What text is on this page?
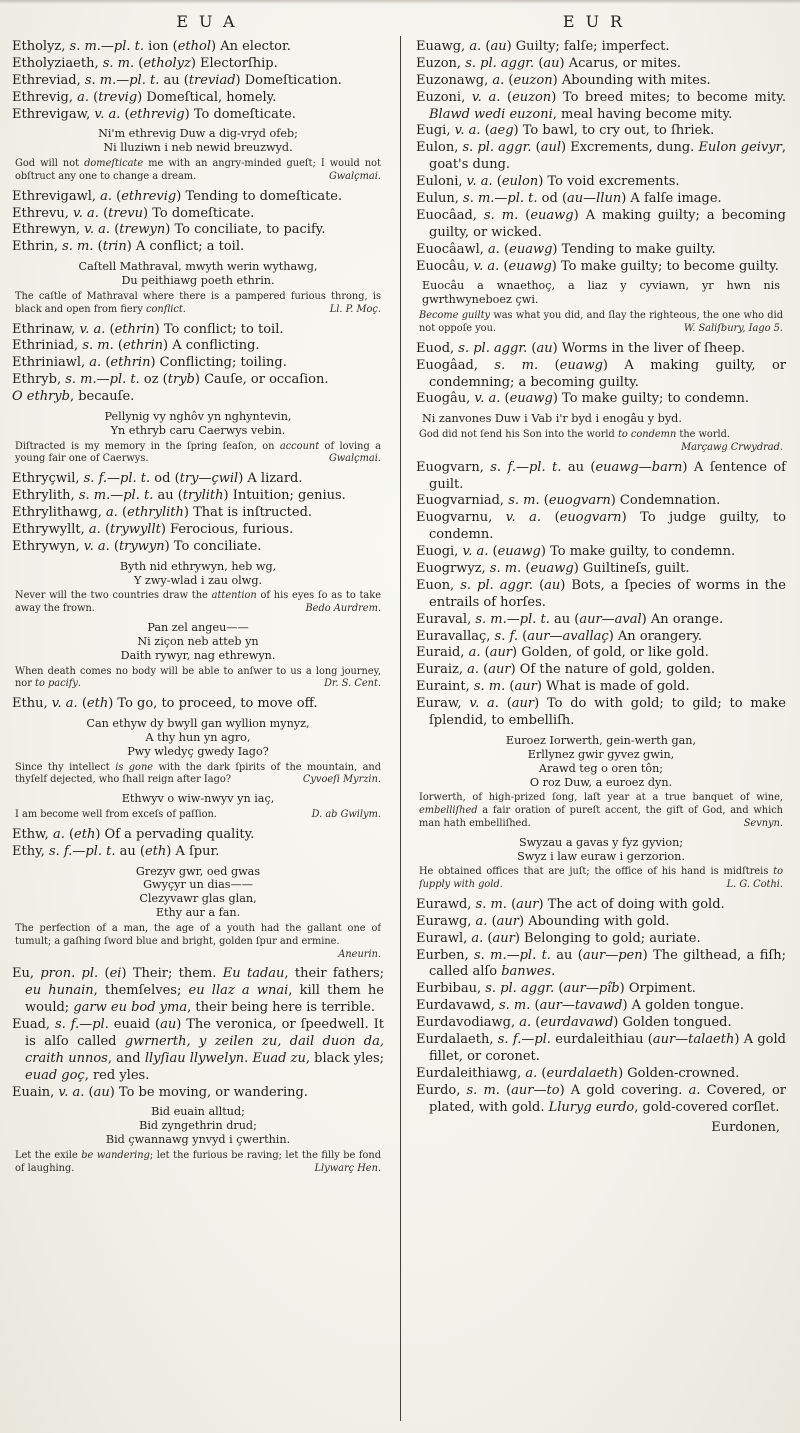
EUA	EUR

Etholyz, s. m.—pl. t. ion (ethol) An elector.

Etholyziaeth, s. m. (etholyz) Electorſhip.

Ethreviad, s. m.—pl. t. au (treviad) Domeſtication.

Ethrevig, a. (trevig) Domeſtical, homely.

Ethrevigaw, v. a. (ethrevig) To domeſticate.

Ni'm ethrevig Duw a dig-vryd ofeb;
Ni lluziwn i neb newid breuzwyd.
God will not domeſticate me with an angry-minded gueſt; I would not obſtruct any one to change a dream.	Gwalçmai.

Ethrevigawl, a. (ethrevig) Tending to domeſticate.

Ethrevu, v. a. (trevu) To domeſticate.

Ethrewyn, v. a. (trewyn) To conciliate, to pacify.

Ethrin, s. m. (trin) A conflict; a toil.

Caſtell Mathraval, mwyth werin wythawg,
Du peithiawg poeth ethrin.
The caſtle of Mathraval where there is a pampered furious throng, is black and open from fiery conflict.	Ll. P. Moç.

Ethrinaw, v. a. (ethrin) To conflict; to toil.

Ethriniad, s. m. (ethrin) A conflicting.

Ethriniawl, a. (ethrin) Conflicting; toiling.

Ethryb, s. m.—pl. t. oz (tryb) Cauſe, or occaſion.

O ethryb, becauſe.

Pellynig vy nghôv yn nghyntevin,
Yn ethryb caru Caerwys vebin.
Diſtracted is my memory in the ſpring ſeaſon, on account of loving a young fair one of Caerwys.	Gwalçmai.

Ethryçwil, s. f.—pl. t. od (try—çwil) A lizard.

Ethrylith, s. m.—pl. t. au (trylith) Intuition; genius.

Ethrylithawg, a. (ethrylith) That is inſtructed.

Ethrywyllt, a. (trywyllt) Ferocious, furious.

Ethrywyn, v. a. (trywyn) To conciliate.

Byth nid ethrywyn, heb wg,
Y zwy-wlad i zau olwg.
Never will the two countries draw the attention of his eyes ſo as to take away the frown.	Bedo Aurdrem.
Pan zel angeu——
Ni ziçon neb atteb yn
Daith rywyr, nag ethrewyn.
When death comes no body will be able to anſwer to us a long journey, nor to pacify.	Dr. S. Cent.

Ethu, v. a. (eth) To go, to proceed, to move off.

Can ethyw dy bwyll gan wyllion mynyz,
A thy hun yn agro,
Pwy wledyç gwedy Iago?
Since thy intellect is gone with the dark ſpirits of the mountain, and thyſelf dejected, who ſhall reign after Iago?	Cyvoeſi Myrzin.
Ethwyv o wiw-nwyv yn iaç,
I am become well from exceſs of paſſion.	D. ab Gwilym.

Ethw, a. (eth) Of a pervading quality.

Ethy, s. f.—pl. t. au (eth) A ſpur.

Grezyv gwr, oed gwas
Gwyçyr un dias——
Clezyvawr glas glan,
Ethy aur a fan.
The perfection of a man, the age of a youth had the gallant one of tumult; a gaſhing ſword blue and bright, golden ſpur and ermine.
Aneurin.

Eu, pron. pl. (ei) Their; them. Eu tadau, their fathers; eu hunain, themſelves; eu llaz a wnai, kill them he would; garw eu bod yma, their being here is terrible.

Euad, s. f.—pl. euaid (au) The veronica, or ſpeedwell. It is alſo called gwrnerth, y zeilen zu, dail duon da, craith unnos, and llyſiau llywelyn. Euad zu, black yles; euad goç, red yles.

Euain, v. a. (au) To be moving, or wandering.

Bid euain alltud;
Bid zyngethrin drud;
Bid çwannawg ynvyd i çwerthin.
Let the exile be wandering; let the furious be raving; let the filly be fond of laughing.	Llywarç Hen.

Euawg, a. (au) Guilty; falſe; imperfect.

Euzon, s. pl. aggr. (au) Acarus, or mites.

Euzonawg, a. (euzon) Abounding with mites.

Euzoni, v. a. (euzon) To breed mites; to become mity. Blawd wedi euzoni, meal having become mity.

Eugi, v. a. (aeg) To bawl, to cry out, to ſhriek.

Eulon, s. pl. aggr. (aul) Excrements, dung. Eulon geivyr, goat's dung.

Euloni, v. a. (eulon) To void excrements.

Eulun, s. m.—pl. t. od (au—llun) A falſe image.

Euocâad, s. m. (euawg) A making guilty; a becoming guilty, or wicked.

Euocâawl, a. (euawg) Tending to make guilty.

Euocâu, v. a. (euawg) To make guilty; to become guilty.

Euocâu a wnaethoç, a liaz y cyviawn, yr hwn nis gwrthwyneboez çwi.
Become guilty was what you did, and ſlay the righteous, the one who did not oppoſe you.	W. Saliſbury, Iago 5.

Euod, s. pl. aggr. (au) Worms in the liver of ſheep.

Euogâad, s. m. (euawg) A making guilty, or condemning; a becoming guilty.

Euogâu, v. a. (euawg) To make guilty; to condemn.

Ni zanvones Duw i Vab i'r byd i enogâu y byd.
God did not ſend his Son into the world to condemn the world.
Marçawg Crwydrad.

Euogvarn, s. f.—pl. t. au (euawg—barn) A ſentence of guilt.

Euogvarniad, s. m. (euogvarn) Condemnation.

Euogvarnu, v. a. (euogvarn) To judge guilty, to condemn.

Euogi, v. a. (euawg) To make guilty, to condemn.

Euogrwyz, s. m. (euawg) Guiltineſs, guilt.

Euon, s. pl. aggr. (au) Bots, a ſpecies of worms in the entrails of horſes.

Euraval, s. m.—pl. t. au (aur—aval) An orange.

Euravallaç, s. f. (aur—avallaç) An orangery.

Euraid, a. (aur) Golden, of gold, or like gold.

Euraiz, a. (aur) Of the nature of gold, golden.

Euraint, s. m. (aur) What is made of gold.

Euraw, v. a. (aur) To do with gold; to gild; to make ſplendid, to embelliſh.

Euroez Iorwerth, gein-werth gan,
Erllynez gwir gyvez gwin,
Arawd teg o oren tôn;
O roz Duw, a euroez dyn.
Iorwerth, of high-prized ſong, laſt year at a true banquet of wine, embelliſhed a fair oration of pureſt accent, the gift of God, and which man hath embelliſhed.	Sevnyn.
Swyzau a gavas y fyz gyvion;
Swyz i law euraw i gerzorion.
He obtained offices that are juſt; the office of his hand is midſtreis to ſupply with gold.	L. G. Cothi.

Eurawd, s. m. (aur) The act of doing with gold.

Eurawg, a. (aur) Abounding with gold.

Eurawl, a. (aur) Belonging to gold; auriate.

Eurben, s. m.—pl. t. au (aur—pen) The gilthead, a fiſh; called alſo banwes.

Eurbibau, s. pl. aggr. (aur—pîb) Orpiment.

Eurdavawd, s. m. (aur—tavawd) A golden tongue.

Eurdavodiawg, a. (eurdavawd) Golden tongued.

Eurdalaeth, s. f.—pl. eurdaleithiau (aur—talaeth) A gold fillet, or coronet.

Eurdaleithiawg, a. (eurdalaeth) Golden-crowned.

Eurdo, s. m. (aur—to) A gold covering. a. Covered, or plated, with gold. Lluryg eurdo, gold-covered corſlet.

Eurdonen,
